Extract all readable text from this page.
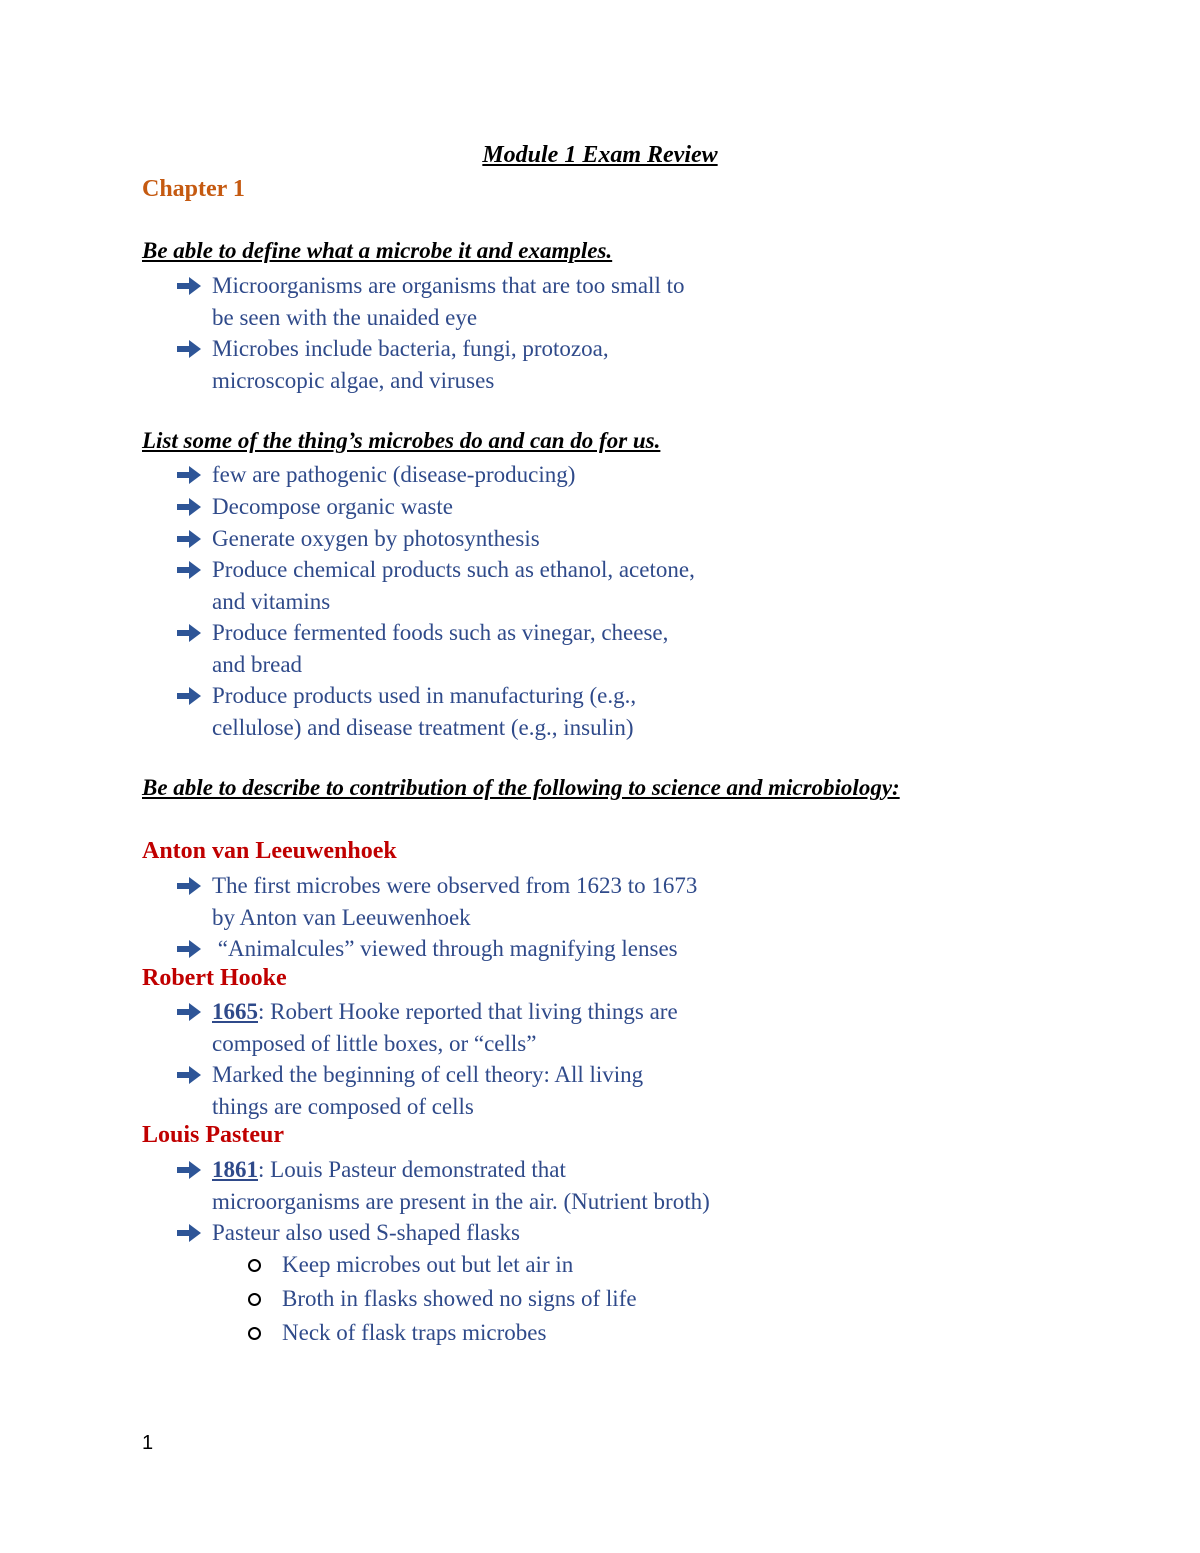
Module 1 Exam Review
Chapter 1
Be able to define what a microbe it and examples.
Microorganisms are organisms that are too small to
be seen with the unaided eye
Microbes include bacteria, fungi, protozoa,
microscopic algae, and viruses
List some of the thing’s microbes do and can do for us.
few are pathogenic (disease-producing)
Decompose organic waste
Generate oxygen by photosynthesis
Produce chemical products such as ethanol, acetone,
and vitamins
Produce fermented foods such as vinegar, cheese,
and bread
Produce products used in manufacturing (e.g.,
cellulose) and disease treatment (e.g., insulin)
Be able to describe to contribution of the following to science and microbiology:
Anton van Leeuwenhoek
The first microbes were observed from 1623 to 1673
by Anton van Leeuwenhoek
“Animalcules” viewed through magnifying lenses
Robert Hooke
1665: Robert Hooke reported that living things are
composed of little boxes, or “cells”
Marked the beginning of cell theory: All living
things are composed of cells
Louis Pasteur
1861: Louis Pasteur demonstrated that
microorganisms are present in the air. (Nutrient broth)
Pasteur also used S-shaped flasks
Keep microbes out but let air in
Broth in flasks showed no signs of life
Neck of flask traps microbes
1
